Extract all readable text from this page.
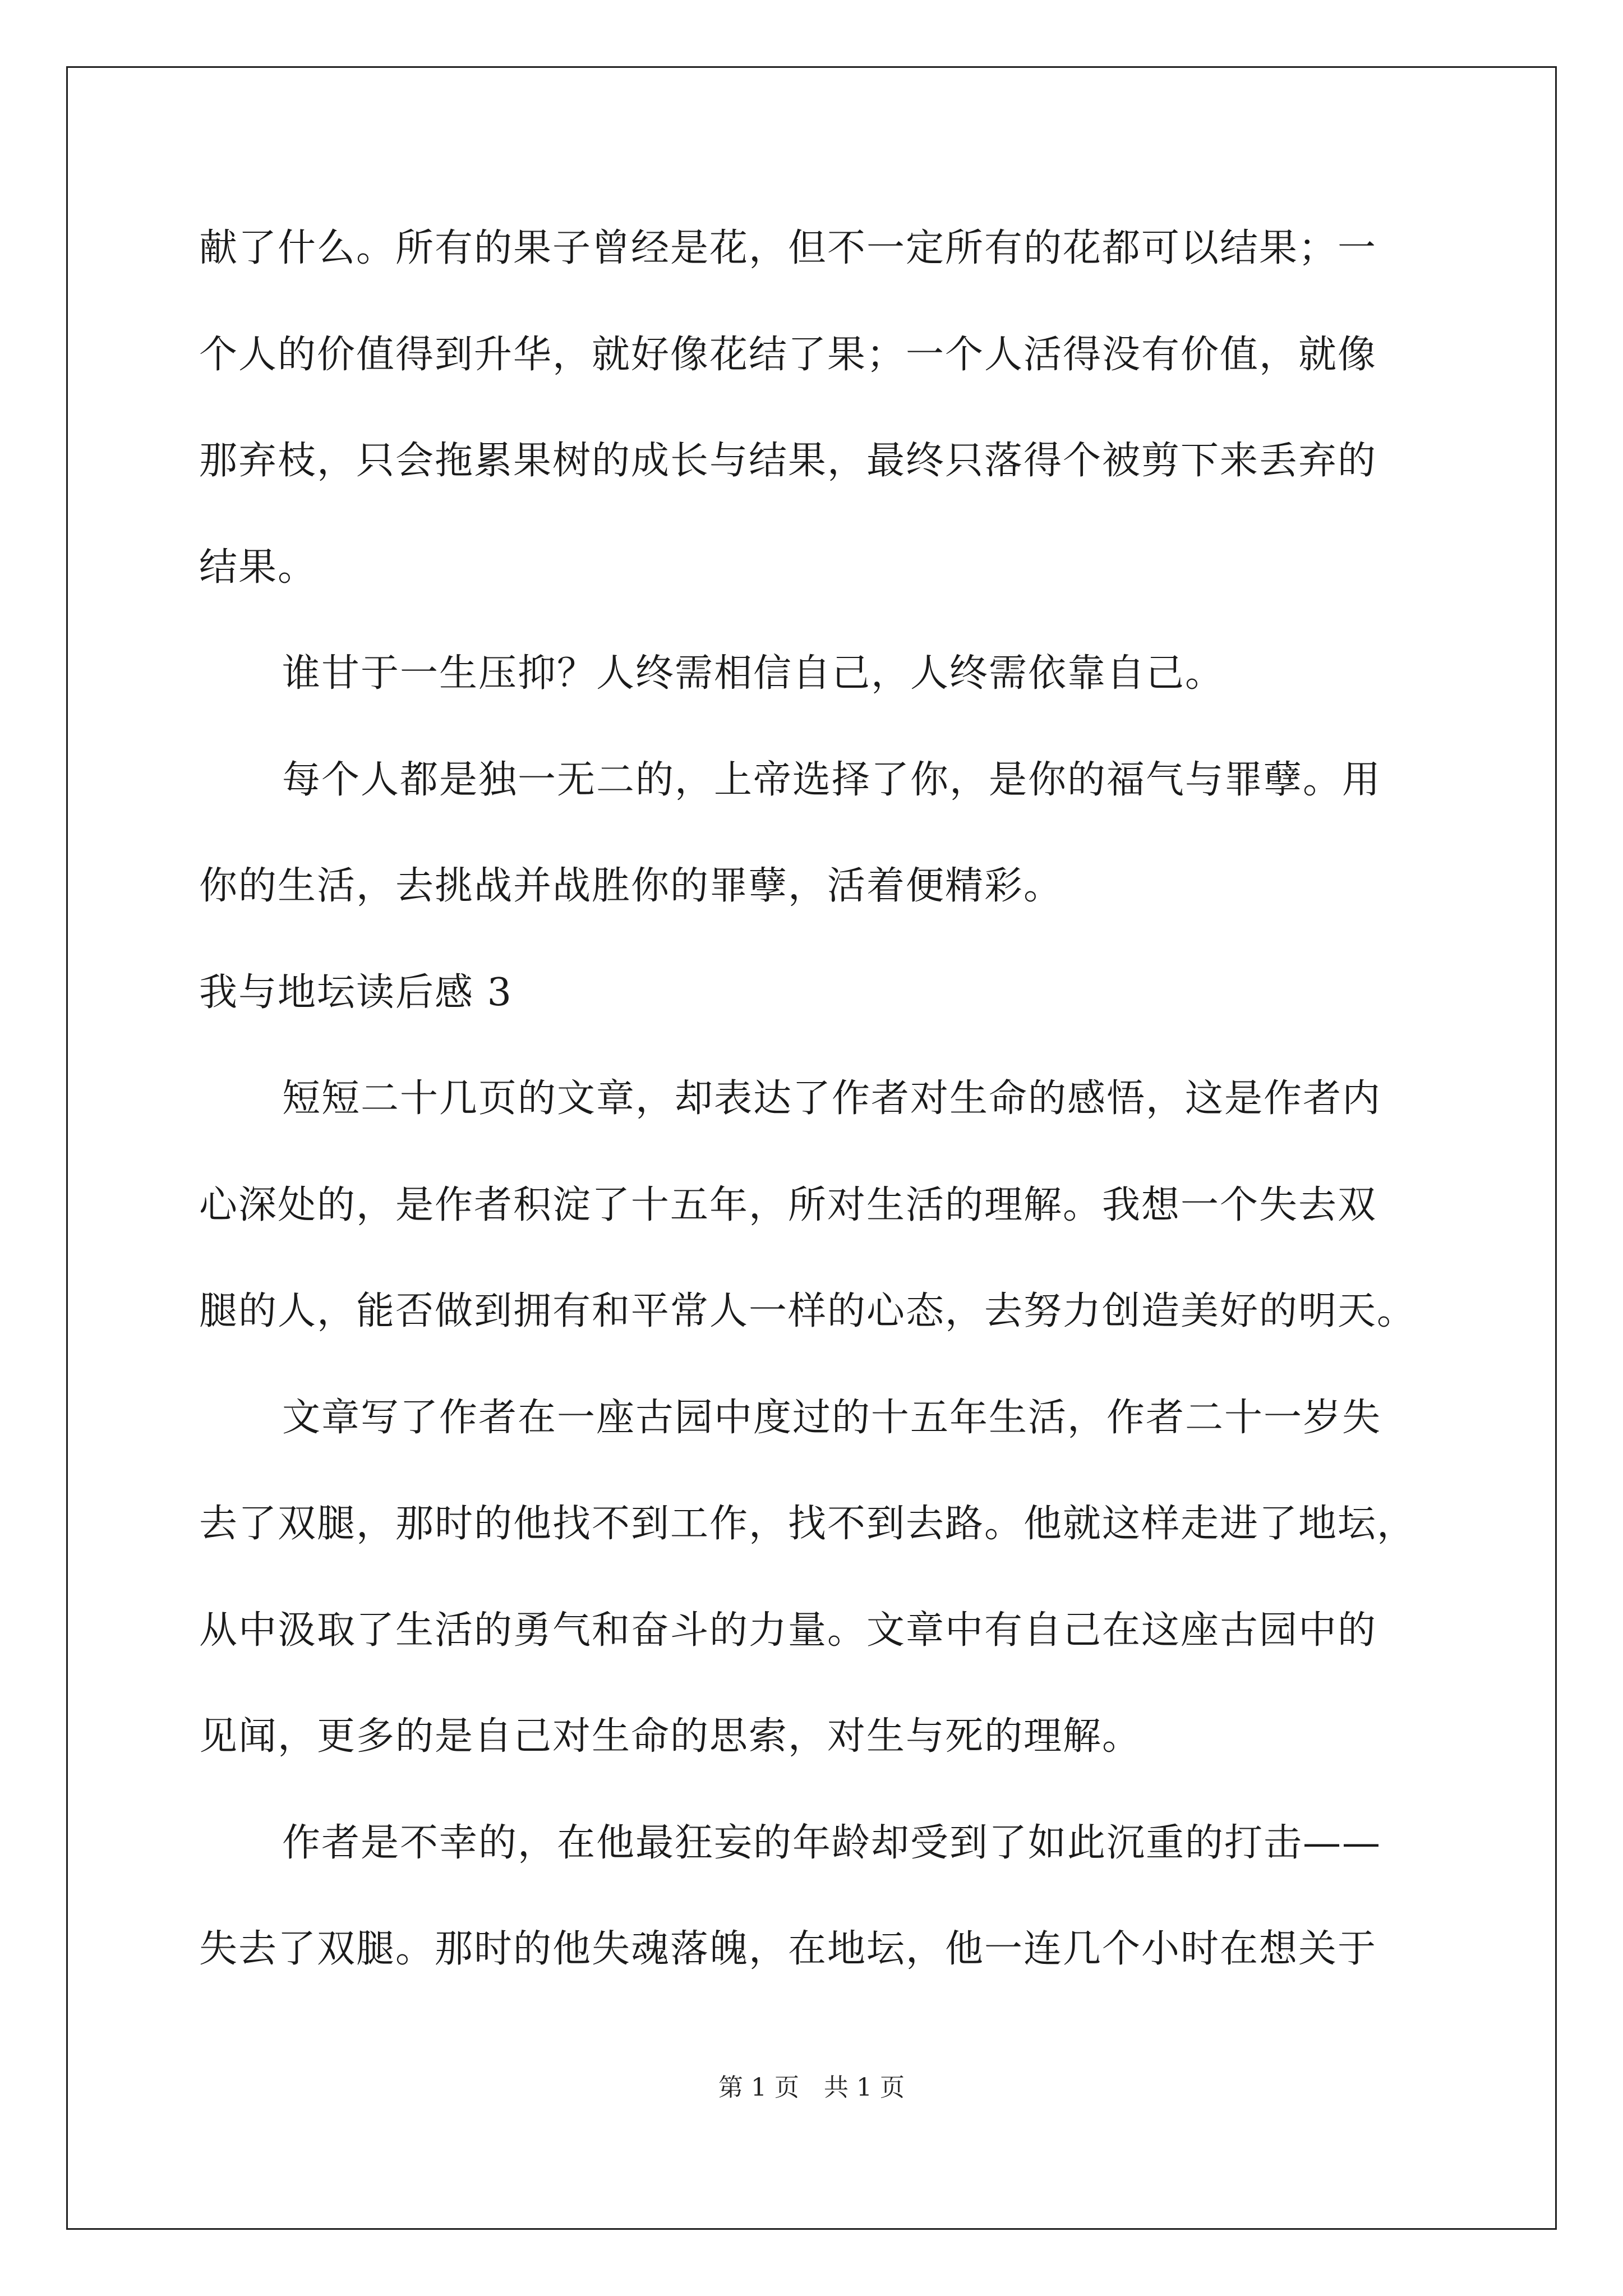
献了什么。所有的果子曾经是花，但不一定所有的花都可以结果；一
个人的价值得到升华，就好像花结了果；一个人活得没有价值，就像
那弃枝，只会拖累果树的成长与结果，最终只落得个被剪下来丢弃的
结果。
谁甘于一生压抑？人终需相信自己，人终需依靠自己。
每个人都是独一无二的，上帝选择了你，是你的福气与罪孽。用
你的生活，去挑战并战胜你的罪孽，活着便精彩。
我与地坛读后感 3
短短二十几页的文章，却表达了作者对生命的感悟，这是作者内
心深处的，是作者积淀了十五年，所对生活的理解。我想一个失去双
腿的人，能否做到拥有和平常人一样的心态，去努力创造美好的明天。
文章写了作者在一座古园中度过的十五年生活，作者二十一岁失
去了双腿，那时的他找不到工作，找不到去路。他就这样走进了地坛，
从中汲取了生活的勇气和奋斗的力量。文章中有自己在这座古园中的
见闻，更多的是自己对生命的思索，对生与死的理解。
作者是不幸的，在他最狂妄的年龄却受到了如此沉重的打击——
失去了双腿。那时的他失魂落魄，在地坛，他一连几个小时在想关于
第 1 页　共 1 页
